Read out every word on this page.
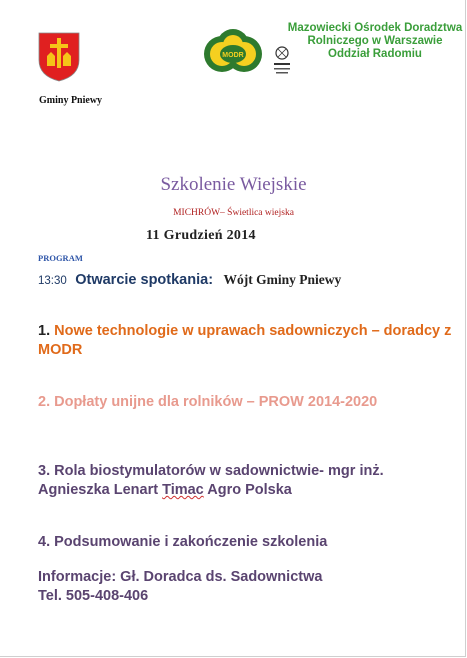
Gminy Pniewy
MODR
Mazowiecki Ośrodek Doradztwa
Rolniczego w Warszawie
Oddział Radomiu
Szkolenie Wiejskie
MICHRÓW– Świetlica wiejska
11 Grudzień 2014
PROGRAM
13:30 Otwarcie spotkania: Wójt Gminy Pniewy
1. Nowe technologie w uprawach sadowniczych – doradcy z MODR
2. Dopłaty unijne dla rolników – PROW 2014-2020
3. Rola biostymulatorów w sadownictwie- mgr inż. Agnieszka Lenart Timac Agro Polska
4. Podsumowanie i zakończenie szkolenia
Informacje: Gł. Doradca ds. Sadownictwa
Tel. 505-408-406
